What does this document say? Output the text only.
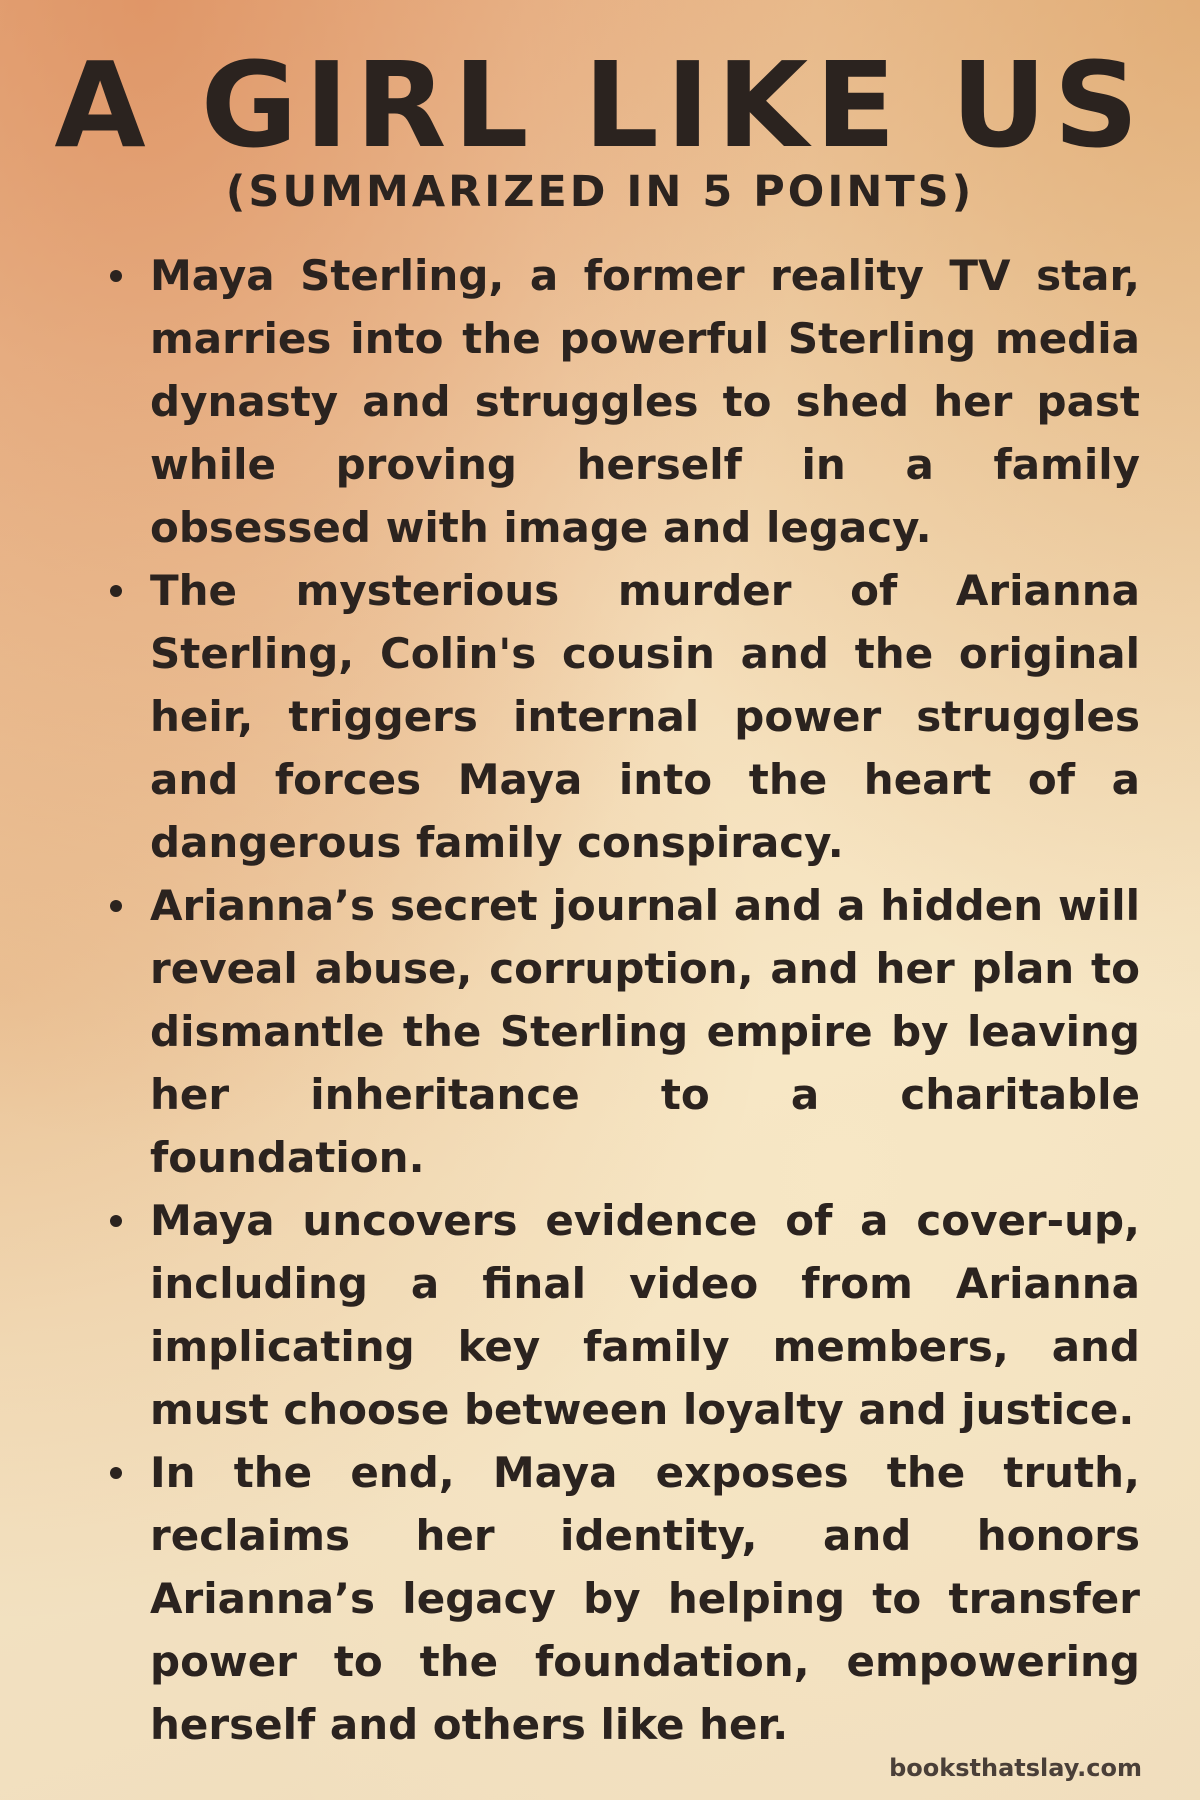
A GIRL LIKE US
(SUMMARIZED IN 5 POINTS)
Maya Sterling, a former reality TV star, marries into the powerful Sterling media dynasty and struggles to shed her past while proving herself in a family obsessed with image and legacy.
The mysterious murder of Arianna Sterling, Colin's cousin and the original heir, triggers internal power struggles and forces Maya into the heart of a dangerous family conspiracy.
Arianna’s secret journal and a hidden will reveal abuse, corruption, and her plan to dismantle the Sterling empire by leaving her inheritance to a charitable foundation.
Maya uncovers evidence of a cover-up, including a final video from Arianna implicating key family members, and must choose between loyalty and justice.
In the end, Maya exposes the truth, reclaims her identity, and honors Arianna’s legacy by helping to transfer power to the foundation, empowering herself and others like her.
booksthatslay.com
